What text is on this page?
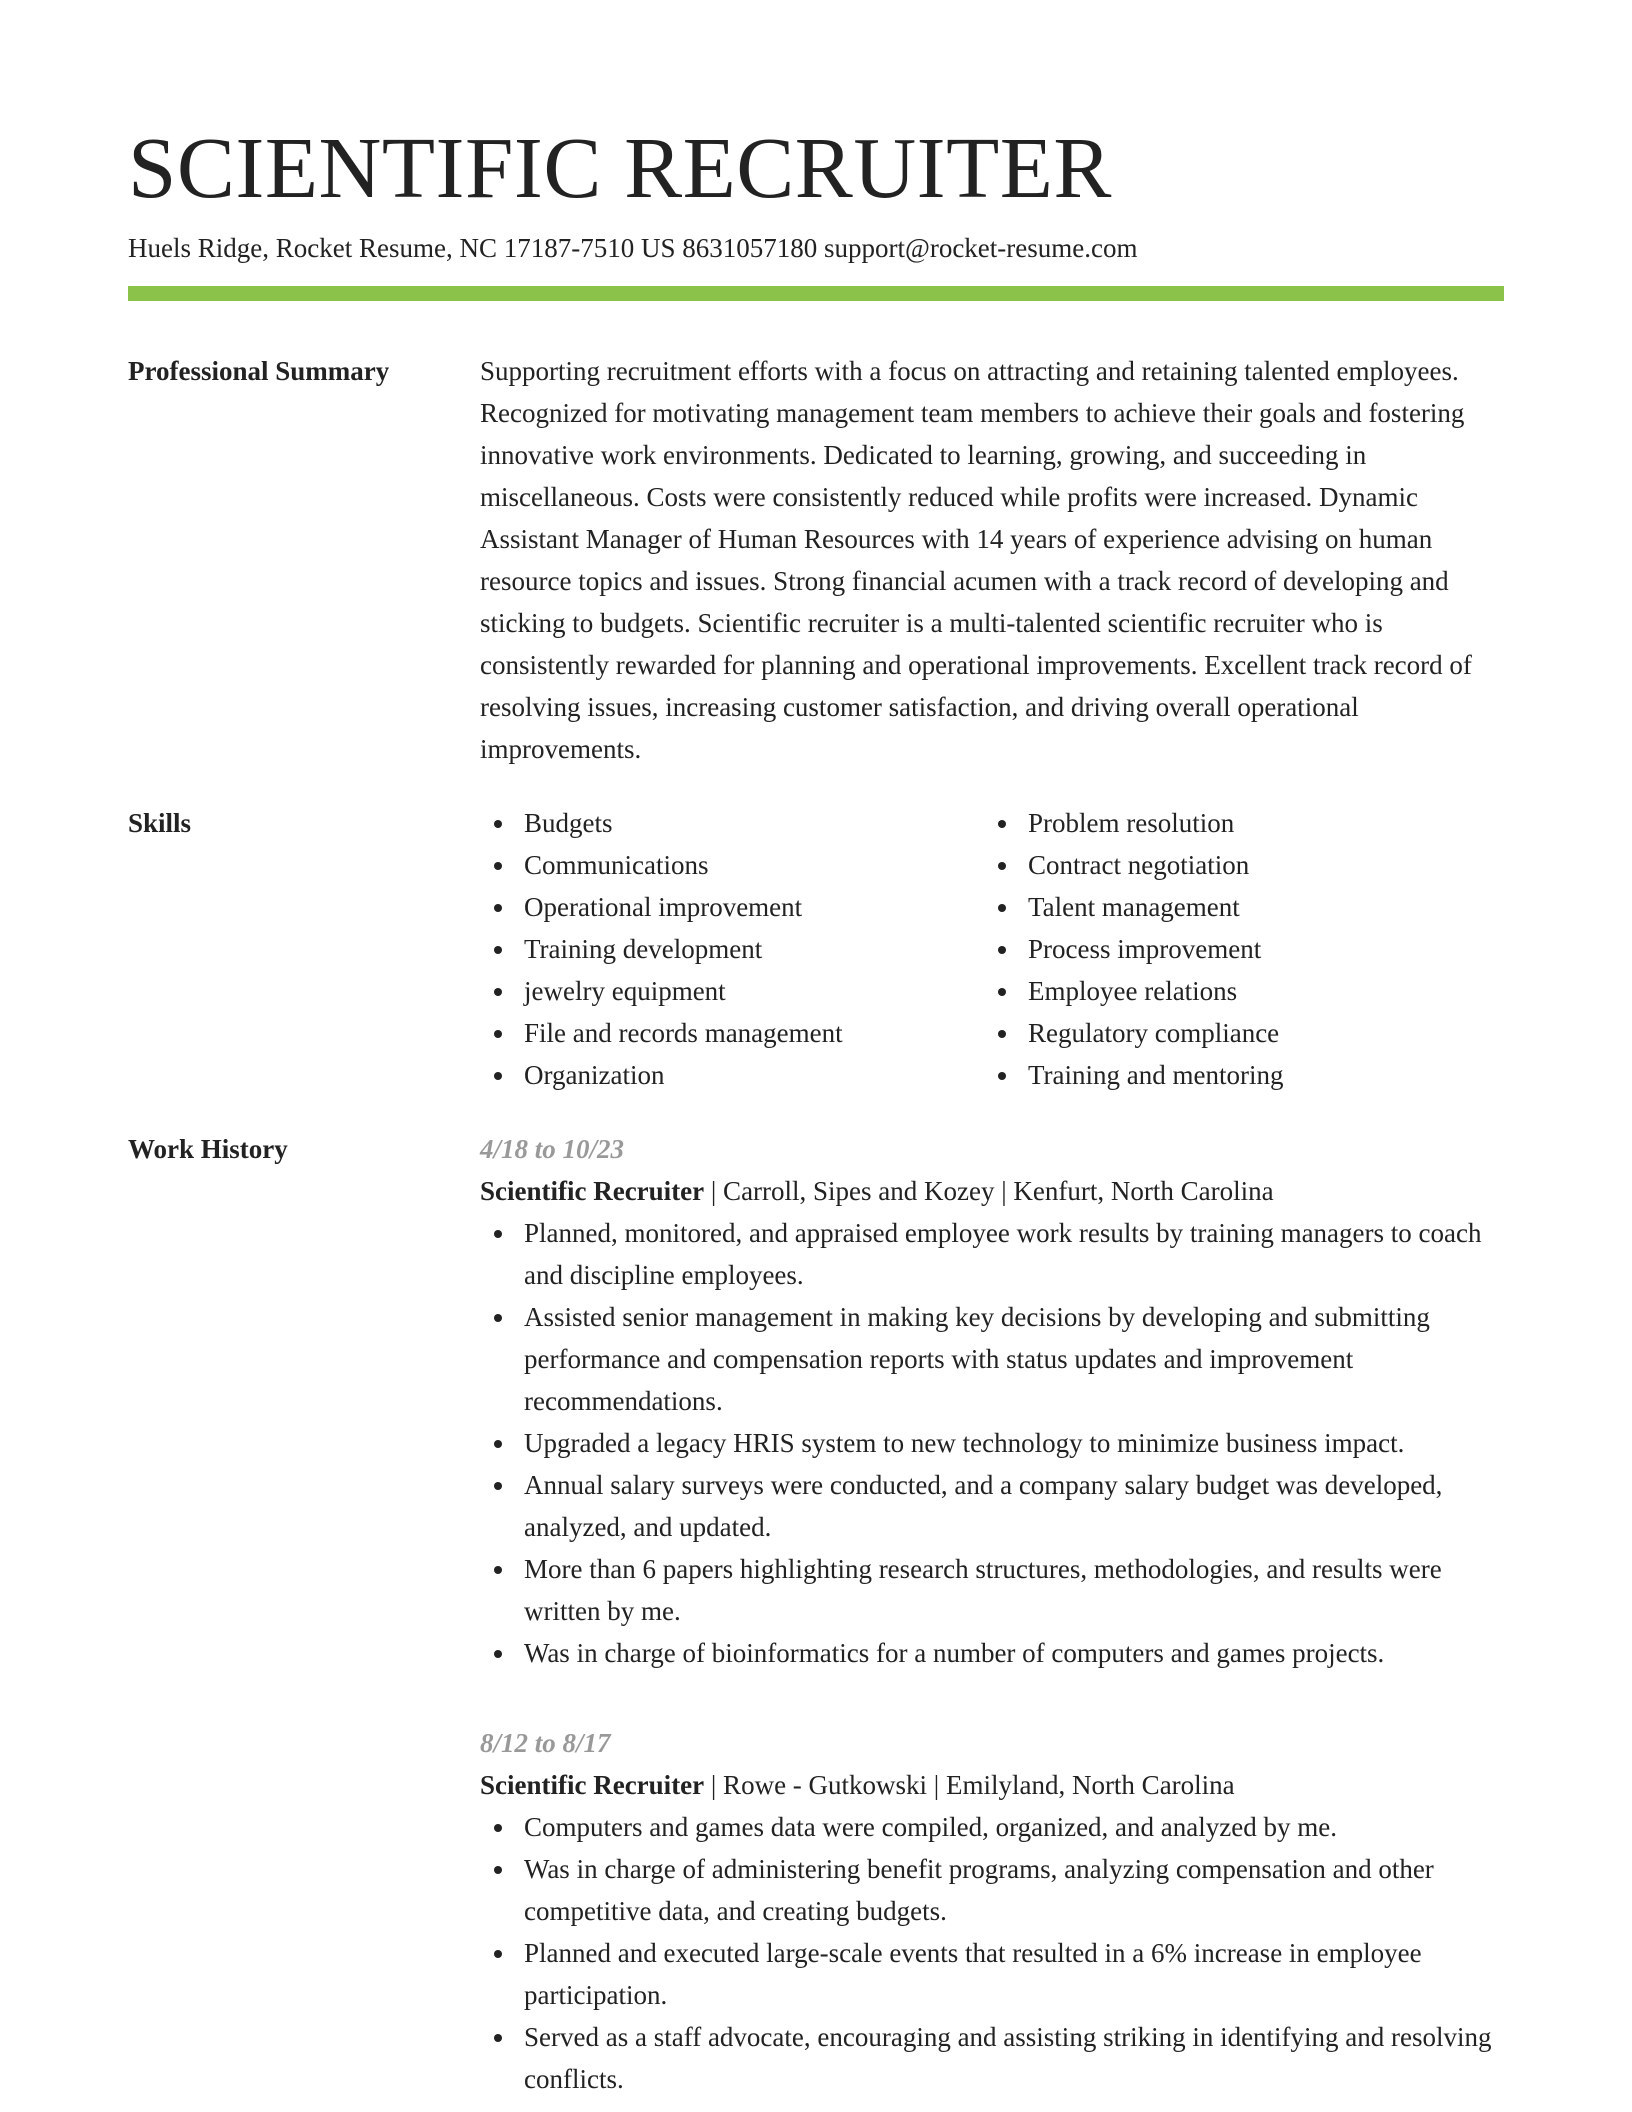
SCIENTIFIC RECRUITER
Huels Ridge, Rocket Resume, NC 17187-7510 US 8631057180 support@rocket-resume.com
Professional Summary	Supporting recruitment efforts with a focus on attracting and retaining talented employees. Recognized for motivating management team members to achieve their goals and fostering innovative work environments. Dedicated to learning, growing, and succeeding in miscellaneous. Costs were consistently reduced while profits were increased. Dynamic Assistant Manager of Human Resources with 14 years of experience advising on human resource topics and issues. Strong financial acumen with a track record of developing and sticking to budgets. Scientific recruiter is a multi-talented scientific recruiter who is consistently rewarded for planning and operational improvements. Excellent track record of resolving issues, increasing customer satisfaction, and driving overall operational improvements.

Skills	Budgets
Communications
Operational improvement
Training development
jewelry equipment
File and records management
Organization
Problem resolution
Contract negotiation
Talent management
Process improvement
Employee relations
Regulatory compliance
Training and mentoring
Work History	4/18 to 10/23
Scientific Recruiter | Carroll, Sipes and Kozey | Kenfurt, North Carolina
Planned, monitored, and appraised employee work results by training managers to coach and discipline employees.
Assisted senior management in making key decisions by developing and submitting performance and compensation reports with status updates and improvement recommendations.
Upgraded a legacy HRIS system to new technology to minimize business impact.
Annual salary surveys were conducted, and a company salary budget was developed, analyzed, and updated.
More than 6 papers highlighting research structures, methodologies, and results were written by me.
Was in charge of bioinformatics for a number of computers and games projects.
8/12 to 8/17
Scientific Recruiter | Rowe - Gutkowski | Emilyland, North Carolina
Computers and games data were compiled, organized, and analyzed by me.
Was in charge of administering benefit programs, analyzing compensation and other competitive data, and creating budgets.
Planned and executed large-scale events that resulted in a 6% increase in employee participation.
Served as a staff advocate, encouraging and assisting striking in identifying and resolving conflicts.
